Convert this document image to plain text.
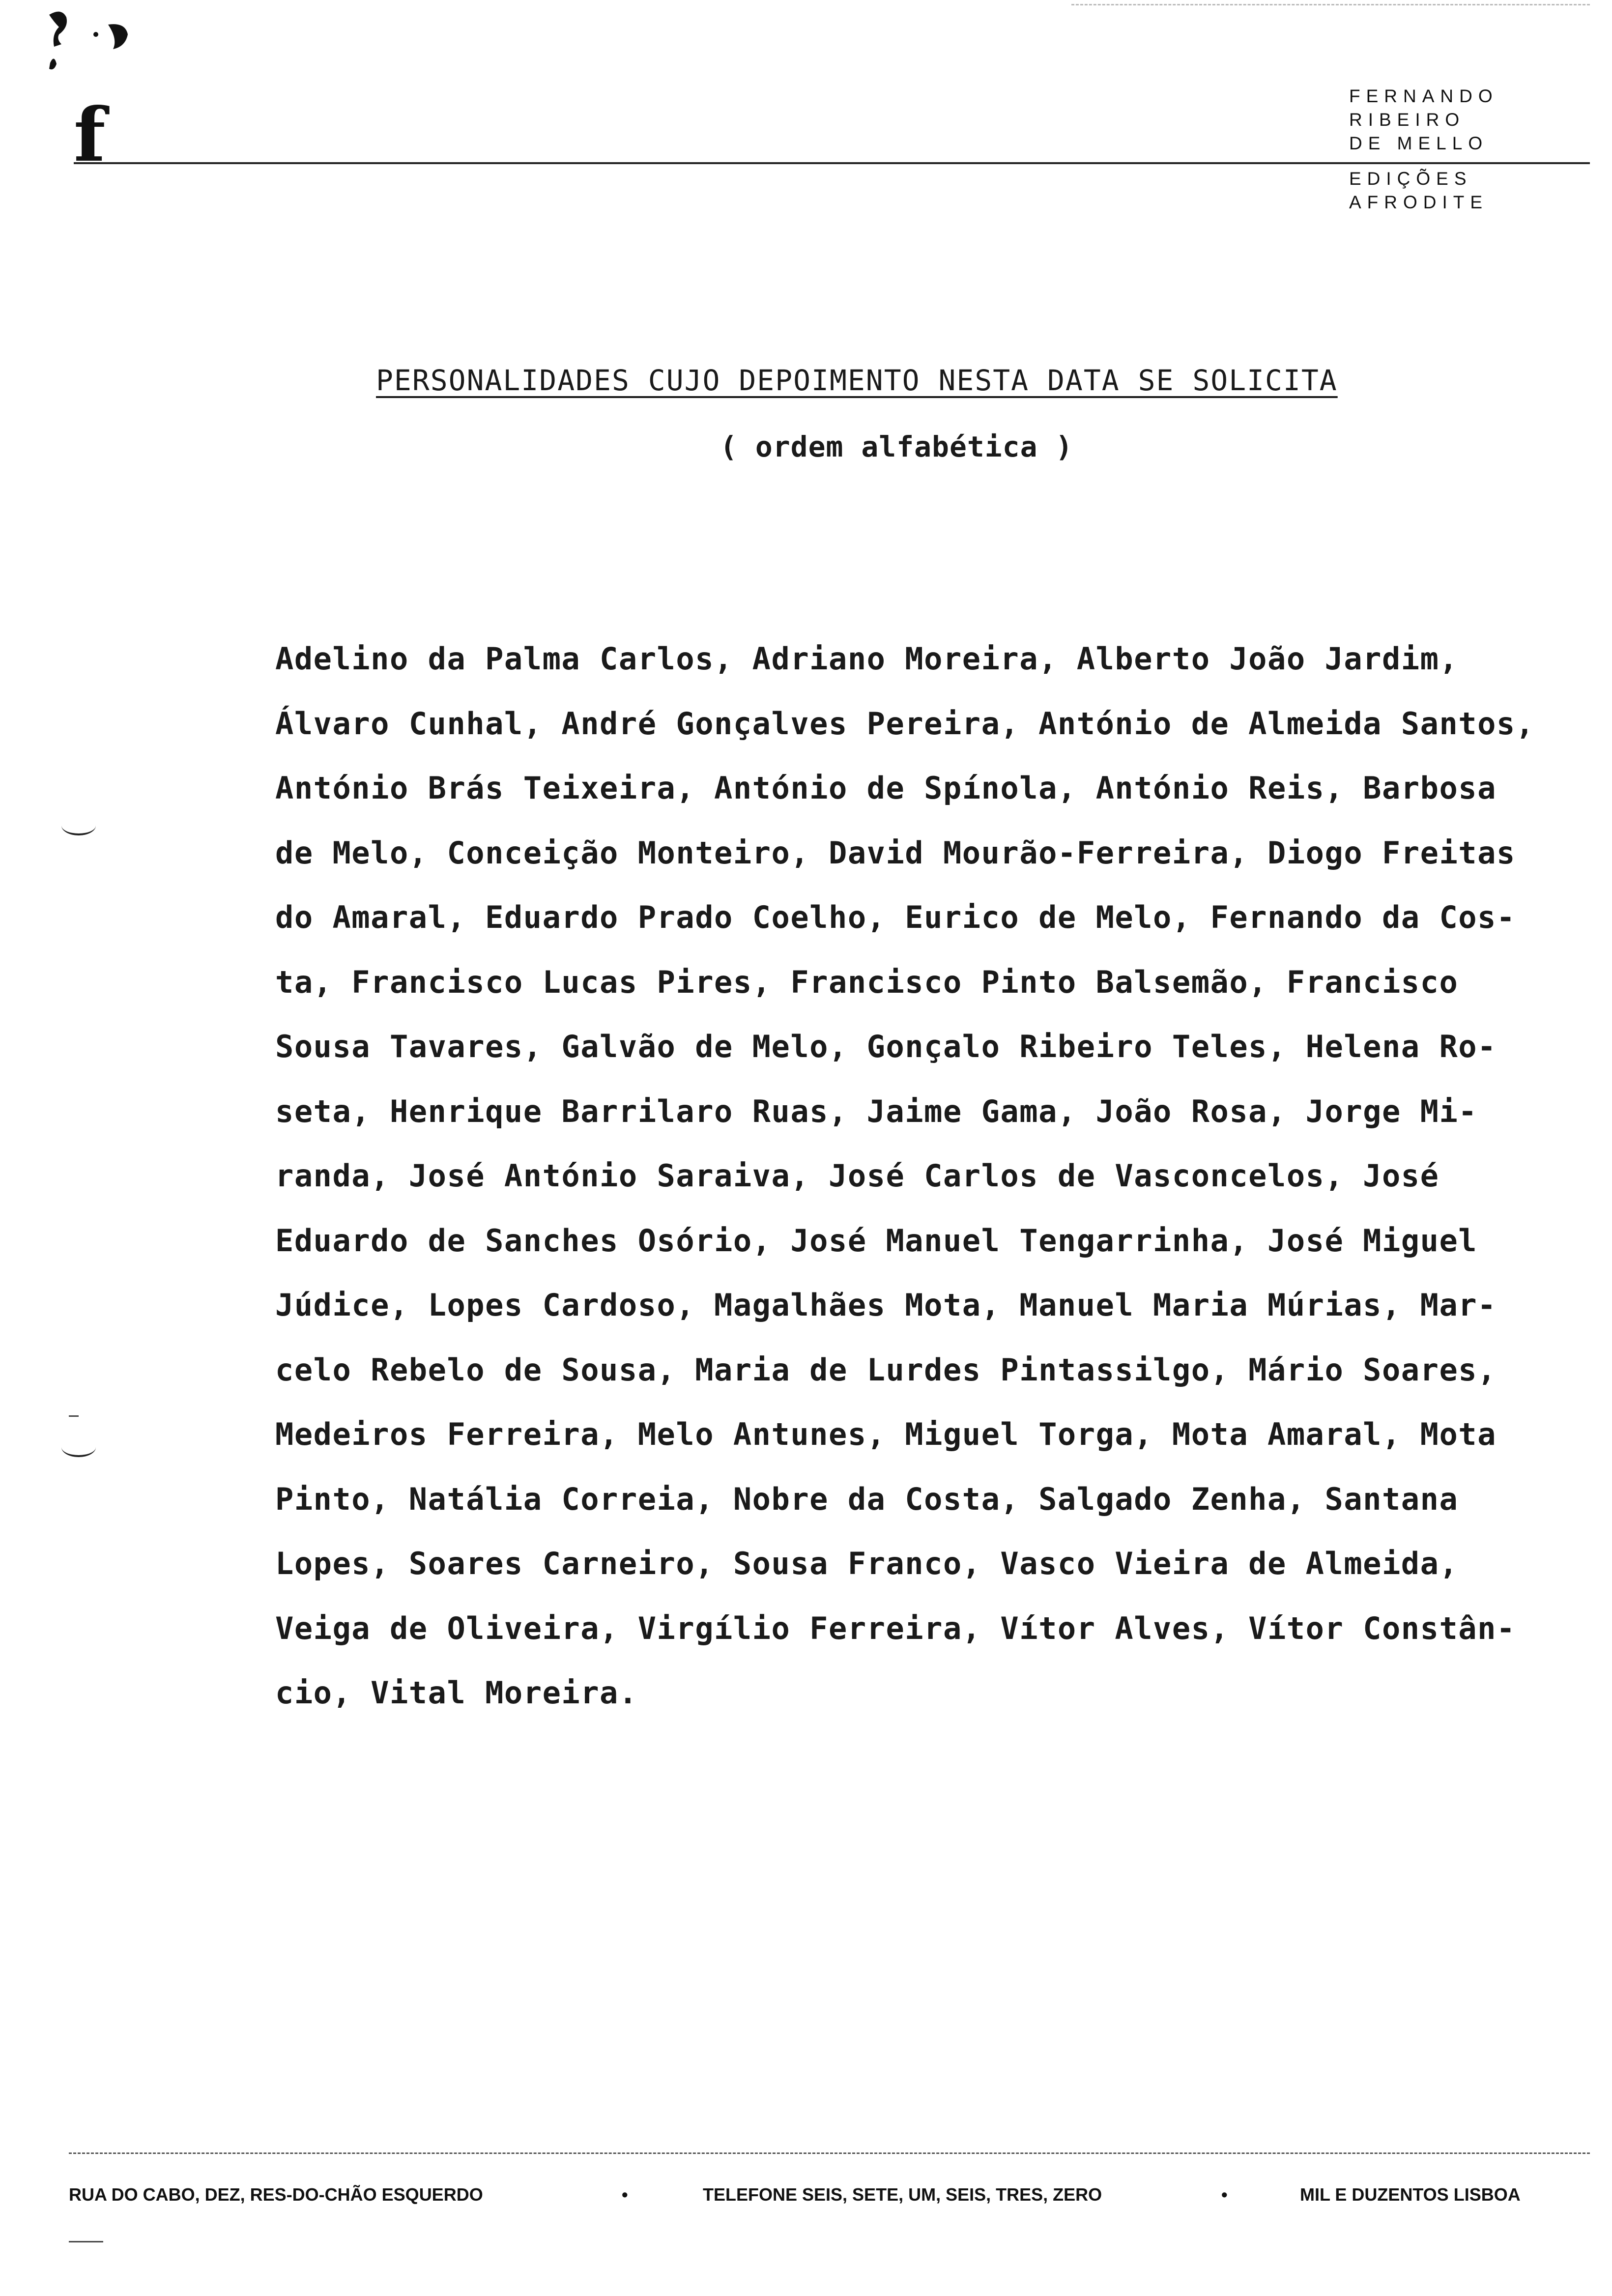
f	FERNANDO
RIBEIRO
DE MELLO
EDIÇÕES
AFRODITE
PERSONALIDADES CUJO DEPOIMENTO NESTA DATA SE SOLICITA
( ordem alfabética )
Adelino da Palma Carlos, Adriano Moreira, Alberto João Jardim,
Álvaro Cunhal, André Gonçalves Pereira, António de Almeida Santos,
António Brás Teixeira, António de Spínola, António Reis, Barbosa
de Melo, Conceição Monteiro, David Mourão-Ferreira, Diogo Freitas
do Amaral, Eduardo Prado Coelho, Eurico de Melo, Fernando da Cos-
ta, Francisco Lucas Pires, Francisco Pinto Balsemão, Francisco
Sousa Tavares, Galvão de Melo, Gonçalo Ribeiro Teles, Helena Ro-
seta, Henrique Barrilaro Ruas, Jaime Gama, João Rosa, Jorge Mi-
randa, José António Saraiva, José Carlos de Vasconcelos, José
Eduardo de Sanches Osório, José Manuel Tengarrinha, José Miguel
Júdice, Lopes Cardoso, Magalhães Mota, Manuel Maria Múrias, Mar-
celo Rebelo de Sousa, Maria de Lurdes Pintassilgo, Mário Soares,
Medeiros Ferreira, Melo Antunes, Miguel Torga, Mota Amaral, Mota
Pinto, Natália Correia, Nobre da Costa, Salgado Zenha, Santana
Lopes, Soares Carneiro, Sousa Franco, Vasco Vieira de Almeida,
Veiga de Oliveira, Virgílio Ferreira, Vítor Alves, Vítor Constân-
cio, Vital Moreira.
RUA DO CABO, DEZ, RES-DO-CHÃO ESQUERDO	•	TELEFONE SEIS, SETE, UM, SEIS, TRES, ZERO	•	MIL E DUZENTOS LISBOA
